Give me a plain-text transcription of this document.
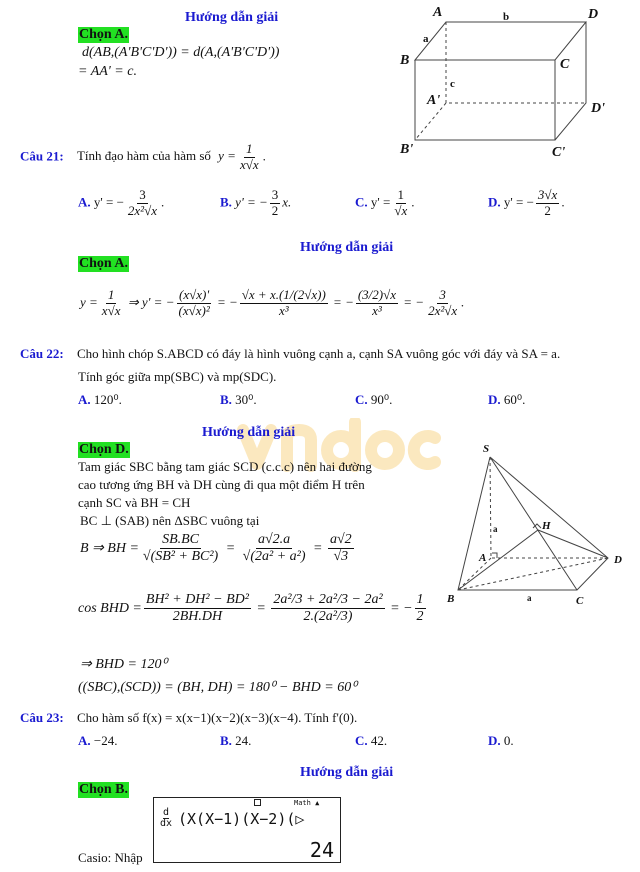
Hướng dẫn giải
Chọn A.
d(AB,(A'B'C'D')) = d(A,(A'B'C'D'))
= AA' = c.
A	D
B	C
A'
D'
B'	C'
a
b
c
Câu 21: Tính đạo hàm của hàm số $y = \frac{1}{x√x}$ .
A. y' = − $\frac{3}{\text{2x²√x}}$ .	B. y' = − $\frac{3}{2} x$.	C. $y' = \frac{1}{√x}$ .	D. y' = − $\frac{3√x}{2}$ .
Hướng dẫn giải
Chọn A.
$y = \frac{1}{x√x}$ ⇒ y' = − $\frac{(x√x)'}{\text{(x√x)²}}$ = − $\frac{√x + x.(1/(2√x))}{\text{x³}}$ = − $\frac{(3/2)√x}{\text{x³}}$ = − $\frac{3}{\text{2x²√x}}$ .
Câu 22: Cho hình chóp S.ABCD có đáy là hình vuông cạnh a, cạnh SA vuông góc với đáy và SA = a.
Tính góc giữa mp(SBC) và mp(SDC).
A. 120⁰.	B. 30⁰.	C. 90⁰.	D. 60⁰.
Hướng dẫn giải
Chọn D.
Tam giác SBC bằng tam giác SCD (c.c.c) nên hai đường
cao tương ứng BH và DH cùng đi qua một điểm H trên
cạnh SC và BH = CH
BC ⊥ (SAB) nên ΔSBC vuông tại
B ⇒ BH = $\frac{SB.BC}{\text{√(SB² + BC²)}} = \frac{a√2.a}{\text{√(2a² + a²)}} = \frac{a√2}{√3}$
cos BHD = $\frac{\text{BH² + DH² − BD²}}{2BH.DH} = \frac{\text{2a²/3 + 2a²/3 − 2a²}}{\text{2.(2a²/3)}}$ = − $\frac{1}{2}$
⇒ BHD = 120⁰
((SBC),(SCD)) = (BH, DH) = 180⁰ − BHD = 60⁰
S
A
B	C
D
H
a
a
Câu 23: Cho hàm số f(x) = x(x−1)(x−2)(x−3)(x−4). Tính f'(0).
A. −24.	B. 24.	C. 42.	D. 0.
Hướng dẫn giải
Chọn B.
Casio: Nhập
Math ▲
d
dx (X(X−1)(X−2)(▷
24
